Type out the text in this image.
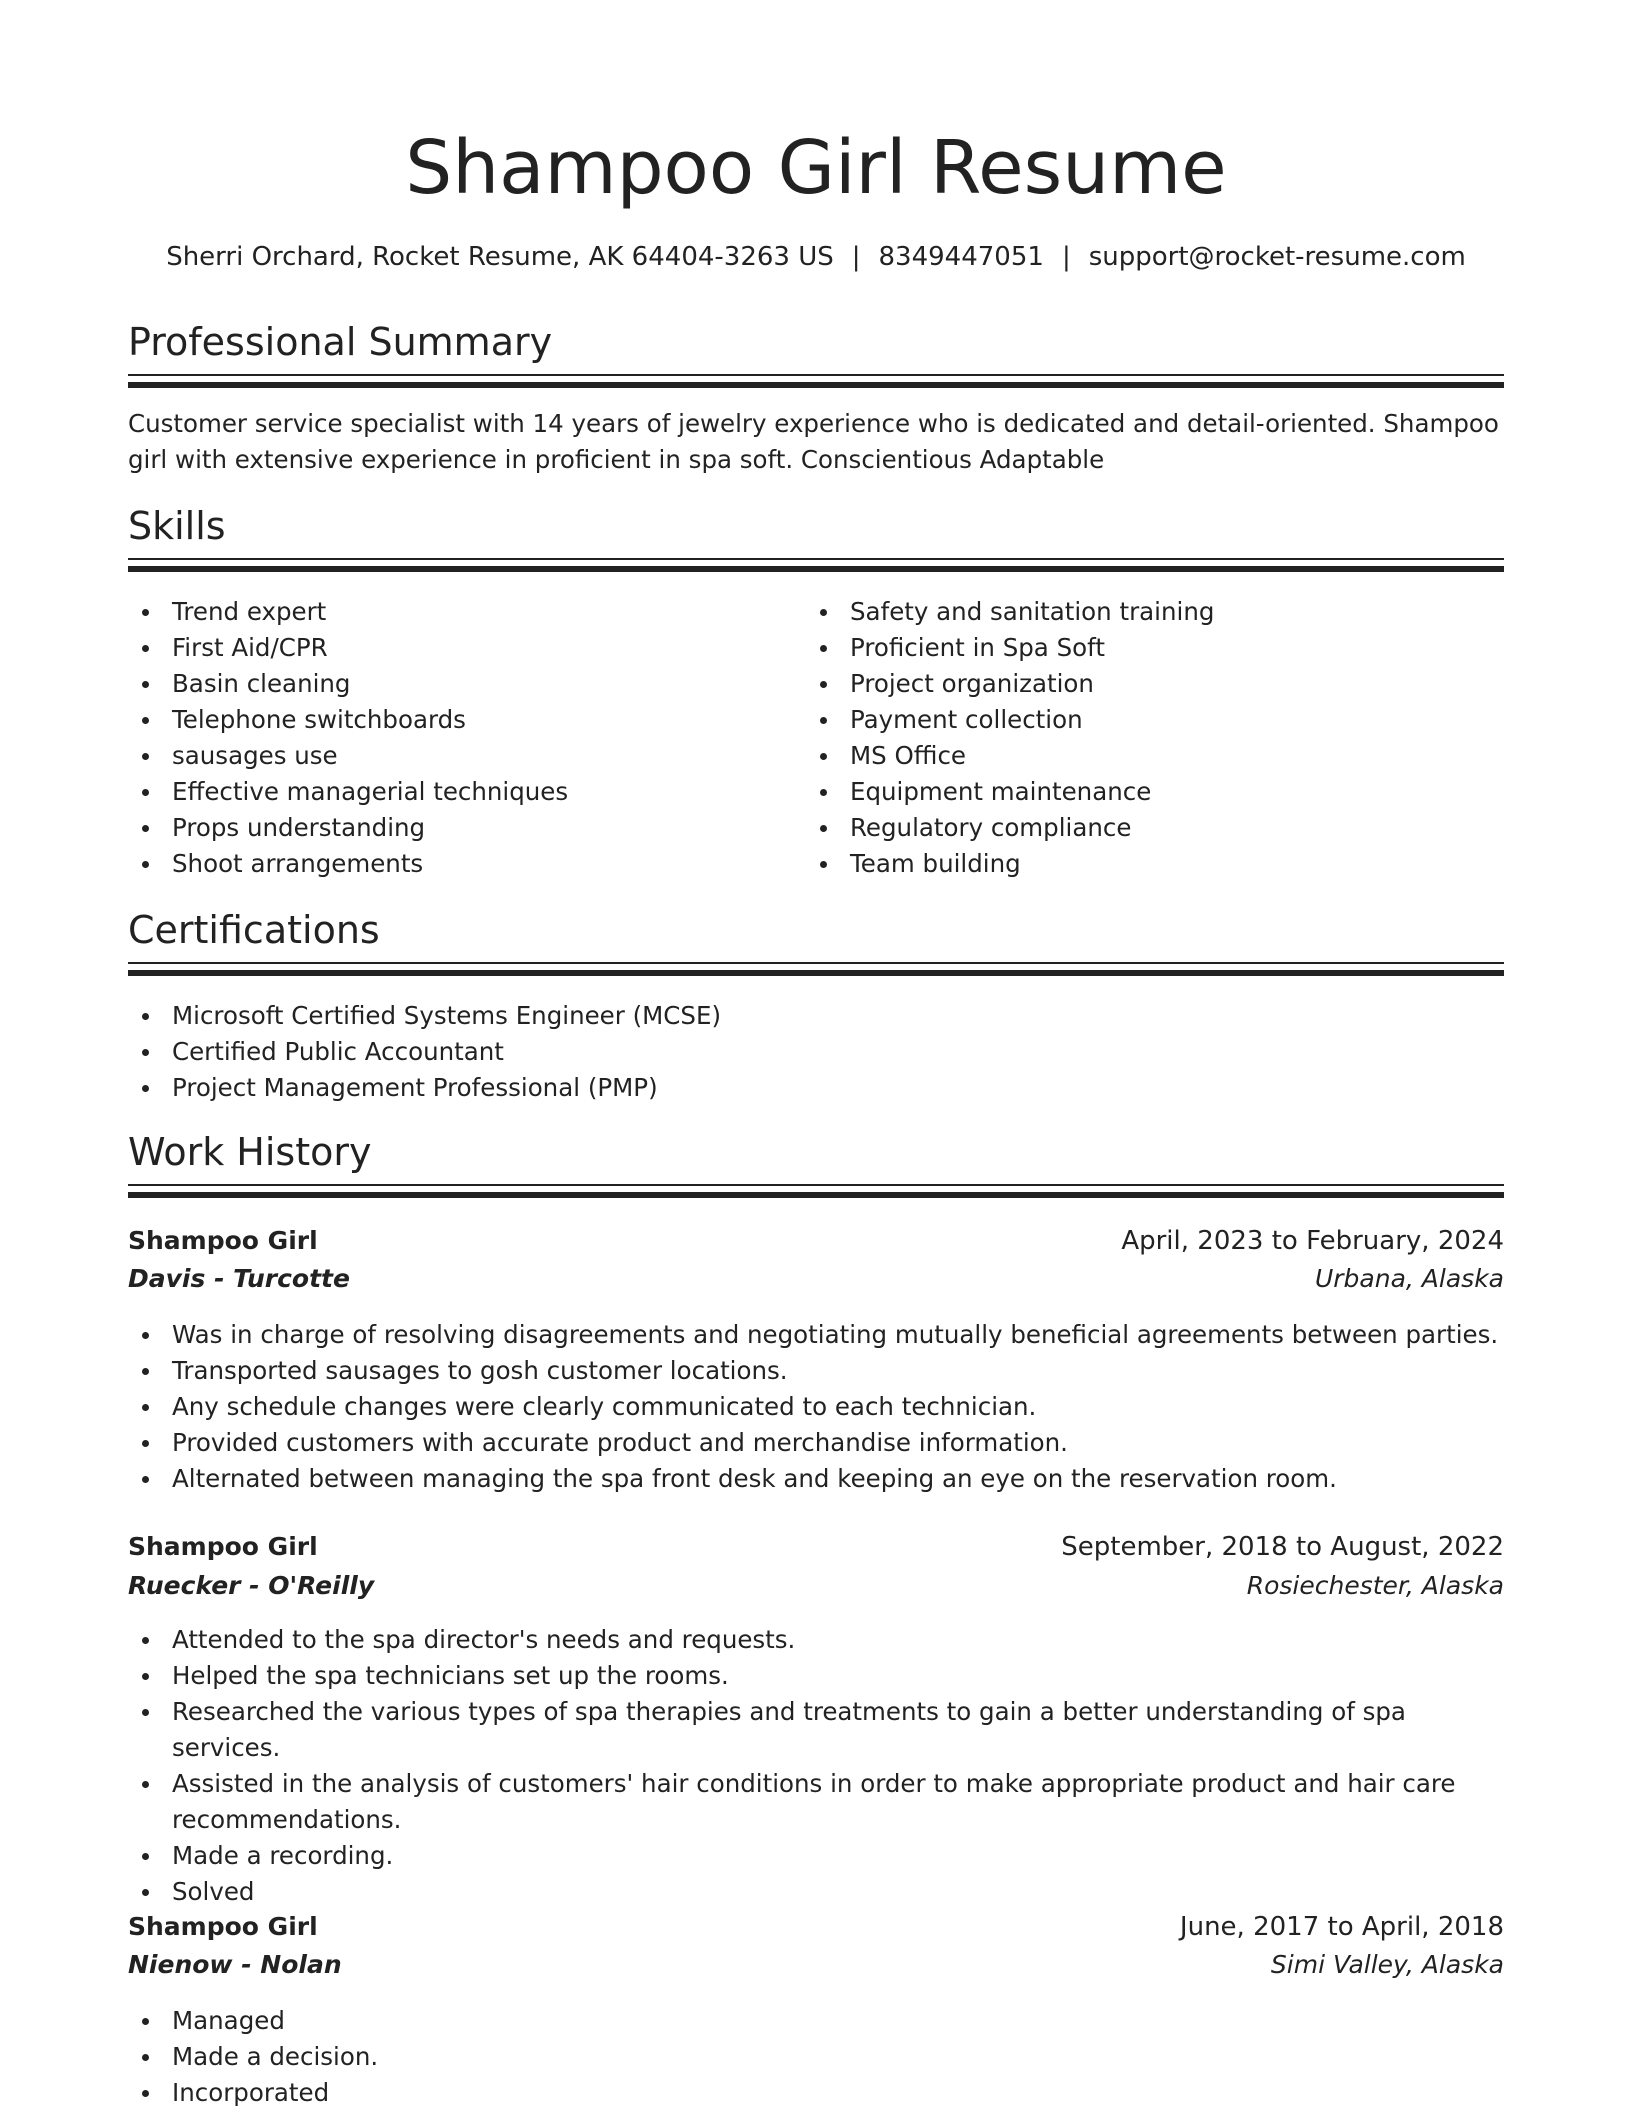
Shampoo Girl Resume
Sherri Orchard, Rocket Resume, AK 64404-3263 US | 8349447051 | support@rocket-resume.com
Professional Summary

Customer service specialist with 14 years of jewelry experience who is dedicated and detail-oriented. Shampoo girl with extensive experience in proficient in spa soft. Conscientious Adaptable

Skills
Trend expert
First Aid/CPR
Basin cleaning
Telephone switchboards
sausages use
Effective managerial techniques
Props understanding
Shoot arrangements
Safety and sanitation training
Proficient in Spa Soft
Project organization
Payment collection
MS Office
Equipment maintenance
Regulatory compliance
Team building
Certifications
Microsoft Certified Systems Engineer (MCSE)
Certified Public Accountant
Project Management Professional (PMP)
Work History
Shampoo Girl	April, 2023 to February, 2024
Davis - Turcotte	Urbana, Alaska
Was in charge of resolving disagreements and negotiating mutually beneficial agreements between parties.
Transported sausages to gosh customer locations.
Any schedule changes were clearly communicated to each technician.
Provided customers with accurate product and merchandise information.
Alternated between managing the spa front desk and keeping an eye on the reservation room.
Shampoo Girl	September, 2018 to August, 2022
Ruecker - O'Reilly	Rosiechester, Alaska
Attended to the spa director's needs and requests.
Helped the spa technicians set up the rooms.
Researched the various types of spa therapies and treatments to gain a better understanding of spa services.
Assisted in the analysis of customers' hair conditions in order to make appropriate product and hair care recommendations.
Made a recording.
Solved
Shampoo Girl	June, 2017 to April, 2018
Nienow - Nolan	Simi Valley, Alaska
Managed
Made a decision.
Incorporated
